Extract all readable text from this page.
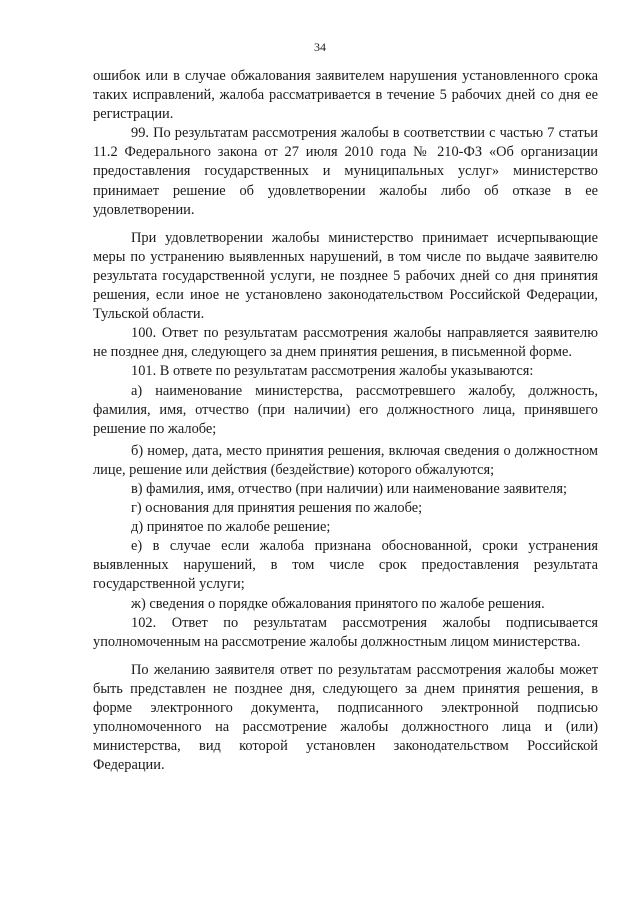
34

ошибок или в случае обжалования заявителем нарушения установленного срока таких исправлений, жалоба рассматривается в течение 5 рабочих дней со дня ее регистрации.

99. По результатам рассмотрения жалобы в соответствии с частью 7 статьи 11.2 Федерального закона от 27 июля 2010 года № 210-ФЗ «Об организации предоставления государственных и муниципальных услуг» министерство принимает решение об удовлетворении жалобы либо об отказе в ее удовлетворении.

При удовлетворении жалобы министерство принимает исчерпывающие меры по устранению выявленных нарушений, в том числе по выдаче заявителю результата государственной услуги, не позднее 5 рабочих дней со дня принятия решения, если иное не установлено законодательством Российской Федерации, Тульской области.

100. Ответ по результатам рассмотрения жалобы направляется заявителю не позднее дня, следующего за днем принятия решения, в письменной форме.

101. В ответе по результатам рассмотрения жалобы указываются:

а) наименование министерства, рассмотревшего жалобу, должность, фамилия, имя, отчество (при наличии) его должностного лица, принявшего решение по жалобе;

б) номер, дата, место принятия решения, включая сведения о должностном лице, решение или действия (бездействие) которого обжалуются;

в) фамилия, имя, отчество (при наличии) или наименование заявителя;

г) основания для принятия решения по жалобе;

д) принятое по жалобе решение;

е) в случае если жалоба признана обоснованной, сроки устранения выявленных нарушений, в том числе срок предоставления результата государственной услуги;

ж) сведения о порядке обжалования принятого по жалобе решения.

102. Ответ по результатам рассмотрения жалобы подписывается уполномоченным на рассмотрение жалобы должностным лицом министерства.

По желанию заявителя ответ по результатам рассмотрения жалобы может быть представлен не позднее дня, следующего за днем принятия решения, в форме электронного документа, подписанного электронной подписью уполномоченного на рассмотрение жалобы должностного лица и (или) министерства, вид которой установлен законодательством Российской Федерации.
